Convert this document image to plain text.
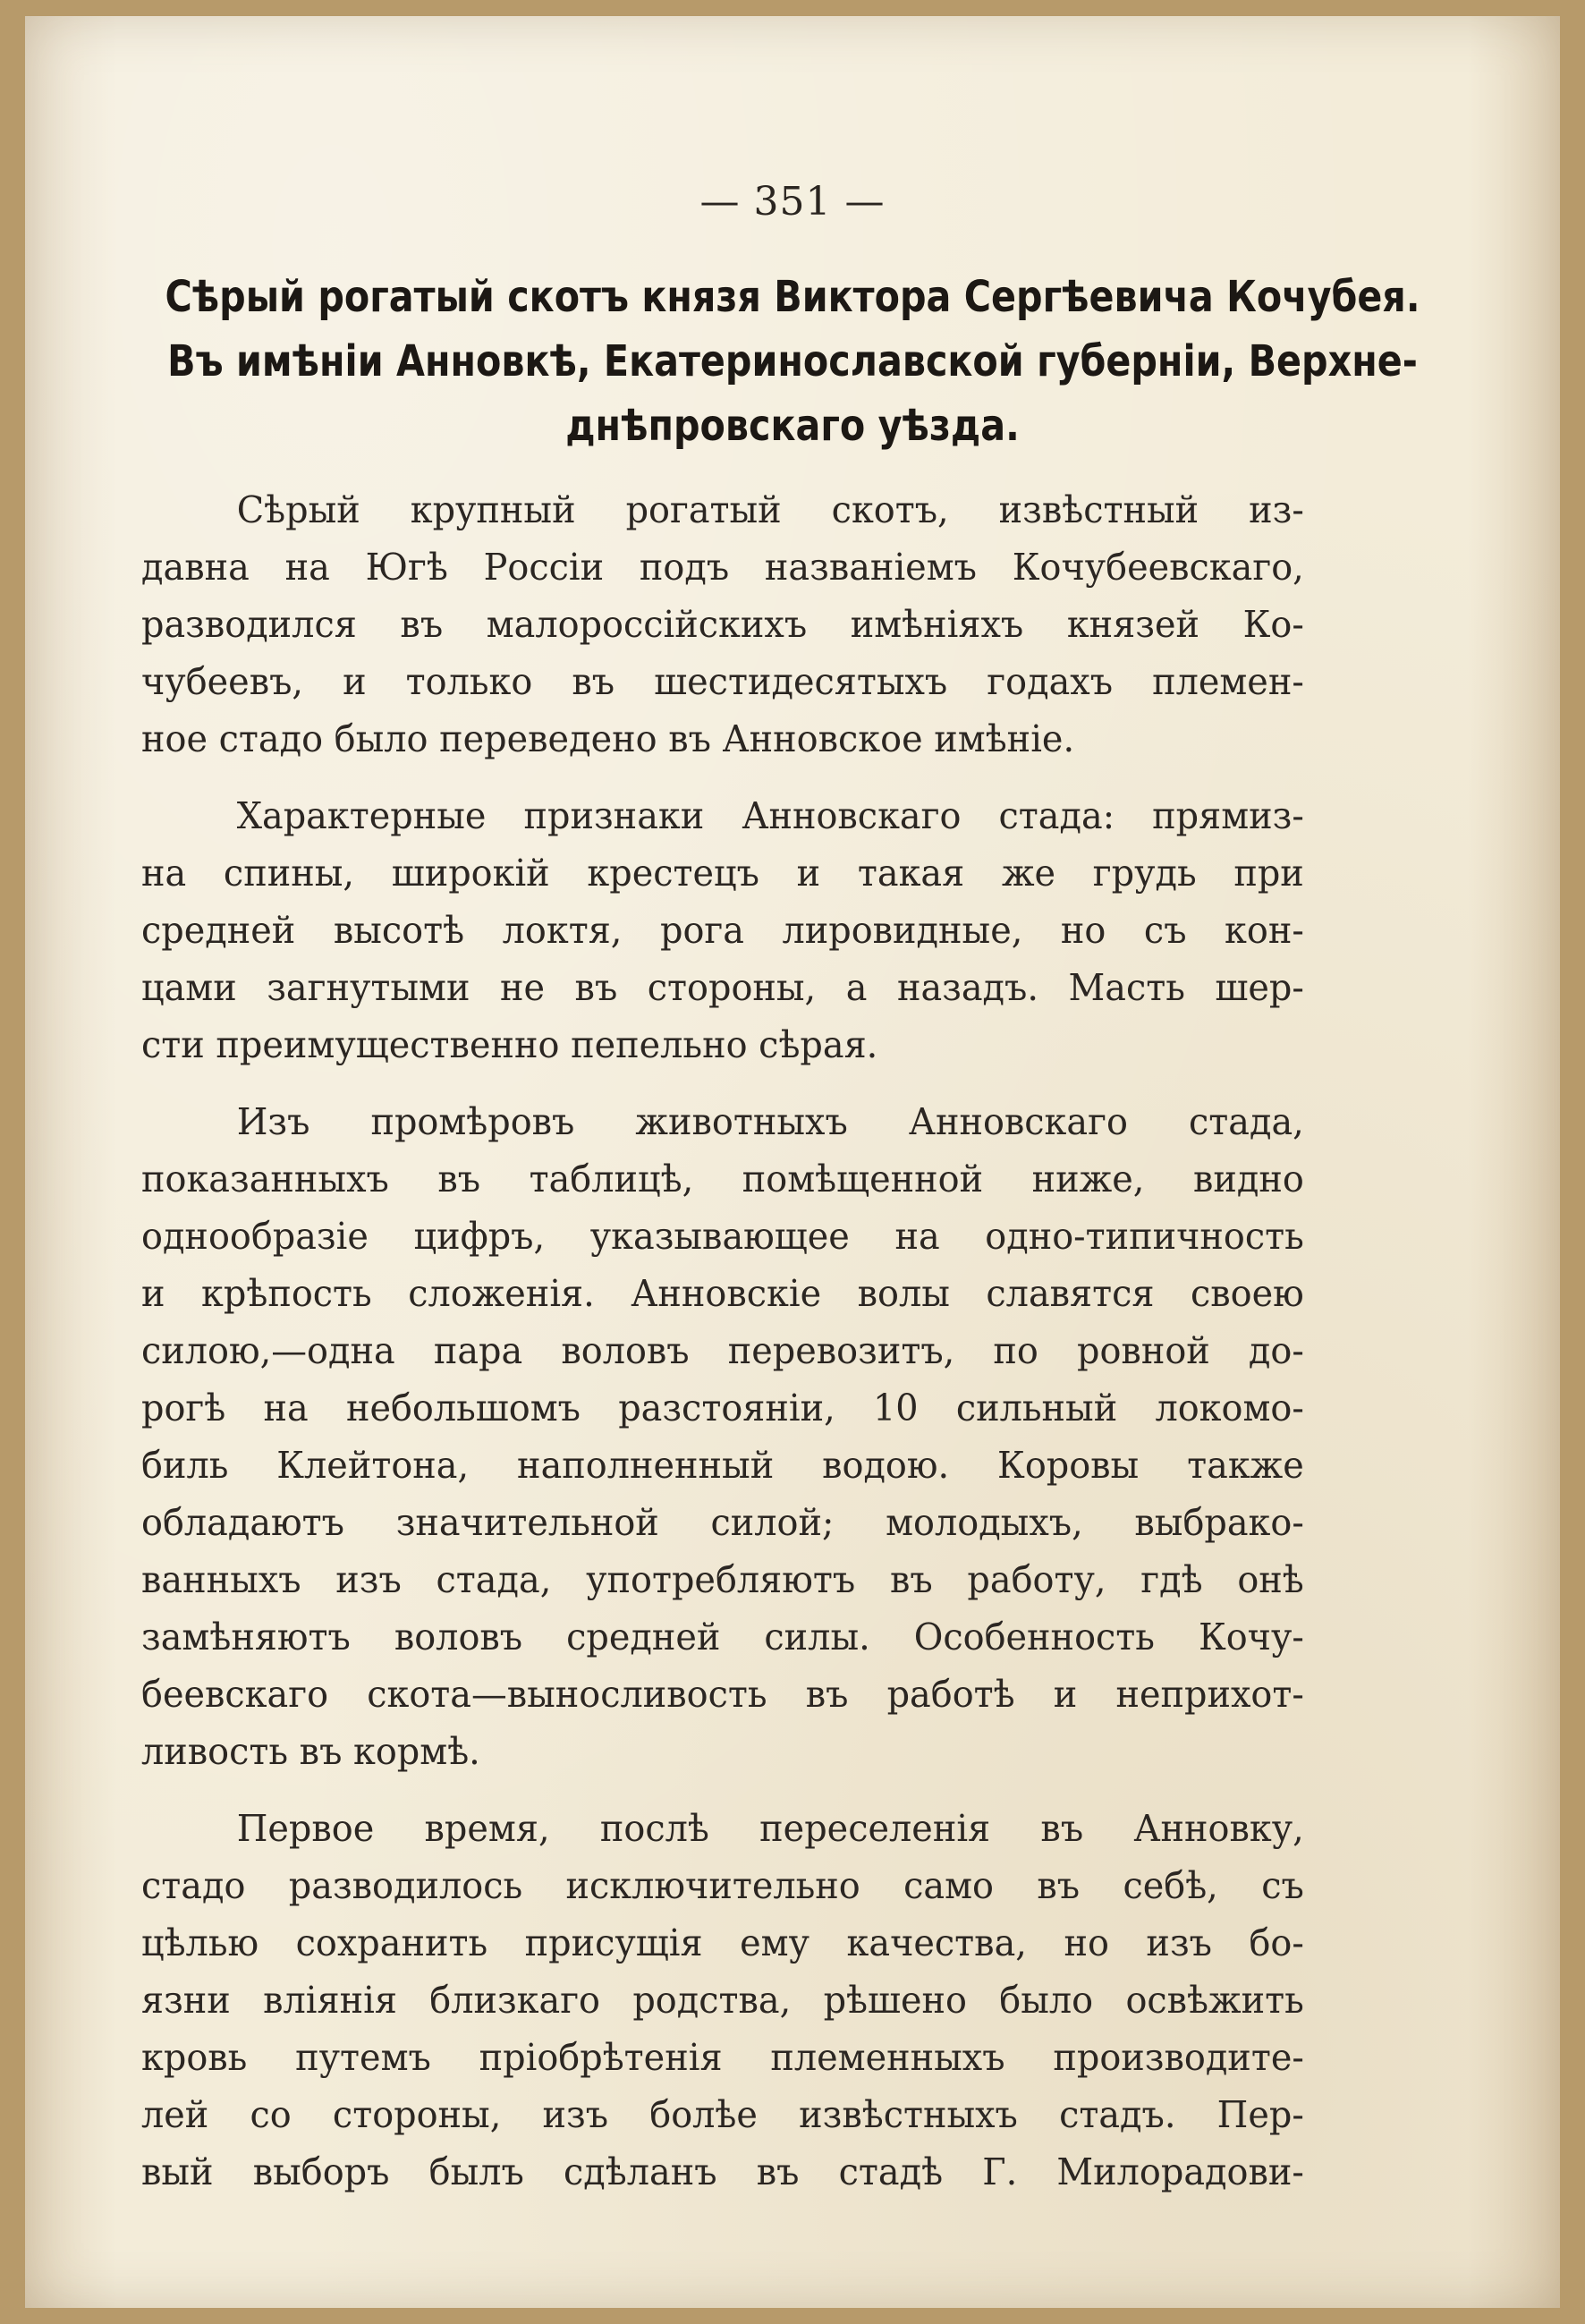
— 351 —
Сѣрый рогатый скотъ князя Виктора Сергѣевича Кочубея.
Въ имѣніи Анновкѣ, Екатеринославской губерніи, Верхне-
днѣпровскаго уѣзда.
Сѣрый крупный рогатый скотъ, извѣстный из-
давна на Югѣ Россіи подъ названіемъ Кочубеевскаго,
разводился въ малороссійскихъ имѣніяхъ князей Ко-
чубеевъ, и только въ шестидесятыхъ годахъ племен-
ное стадо было переведено въ Анновское имѣніе.
Характерные признаки Анновскаго стада: прямиз-
на спины, широкій крестецъ и такая же грудь при
средней высотѣ локтя, рога лировидные, но съ кон-
цами загнутыми не въ стороны, а назадъ. Масть шер-
сти преимущественно пепельно сѣрая.
Изъ промѣровъ животныхъ Анновскаго стада,
показанныхъ въ таблицѣ, помѣщенной ниже, видно
однообразіе цифръ, указывающее на одно-типичность
и крѣпость сложенія. Анновскіе волы славятся своею
силою,—одна пара воловъ перевозитъ, по ровной до-
рогѣ на небольшомъ разстояніи, 10 сильный локомо-
биль Клейтона, наполненный водою. Коровы также
обладаютъ значительной силой; молодыхъ, выбрако-
ванныхъ изъ стада, употребляютъ въ работу, гдѣ онѣ
замѣняютъ воловъ средней силы. Особенность Кочу-
беевскаго скота—выносливость въ работѣ и неприхот-
ливость въ кормѣ.
Первое время, послѣ переселенія въ Анновку,
стадо разводилось исключительно само въ себѣ, съ
цѣлью сохранить присущія ему качества, но изъ бо-
язни вліянія близкаго родства, рѣшено было освѣжить
кровь путемъ пріобрѣтенія племенныхъ производите-
лей со стороны, изъ болѣе извѣстныхъ стадъ. Пер-
вый выборъ былъ сдѣланъ въ стадѣ Г. Милорадови-
